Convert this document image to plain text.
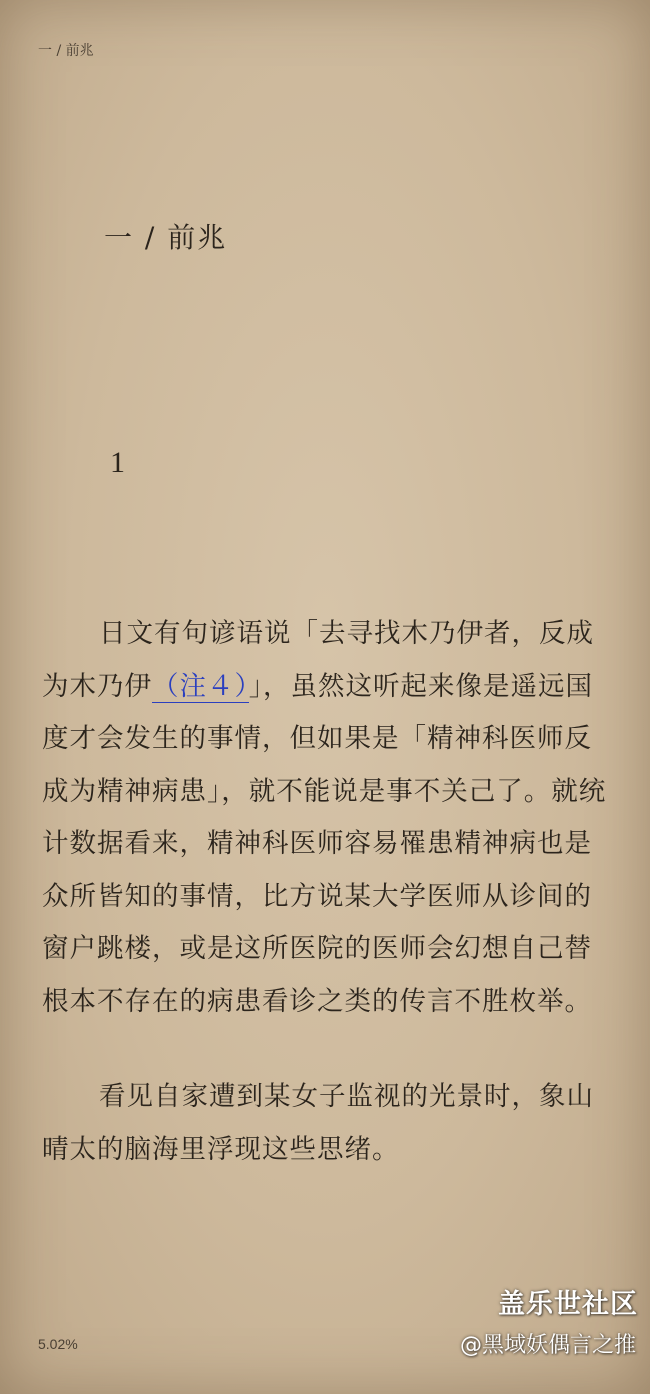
一 / 前兆
一 / 前兆
1

日文有句谚语说「去寻找木乃伊者，反成为木乃伊（注４）」，虽然这听起来像是遥远国度才会发生的事情，但如果是「精神科医师反成为精神病患」，就不能说是事不关己了。就统计数据看来，精神科医师容易罹患精神病也是众所皆知的事情，比方说某大学医师从诊间的窗户跳楼，或是这所医院的医师会幻想自己替根本不存在的病患看诊之类的传言不胜枚举。

看见自家遭到某女子监视的光景时，象山晴太的脑海里浮现这些思绪。

5.02%
盖乐世社区
@黑域妖偶言之推
